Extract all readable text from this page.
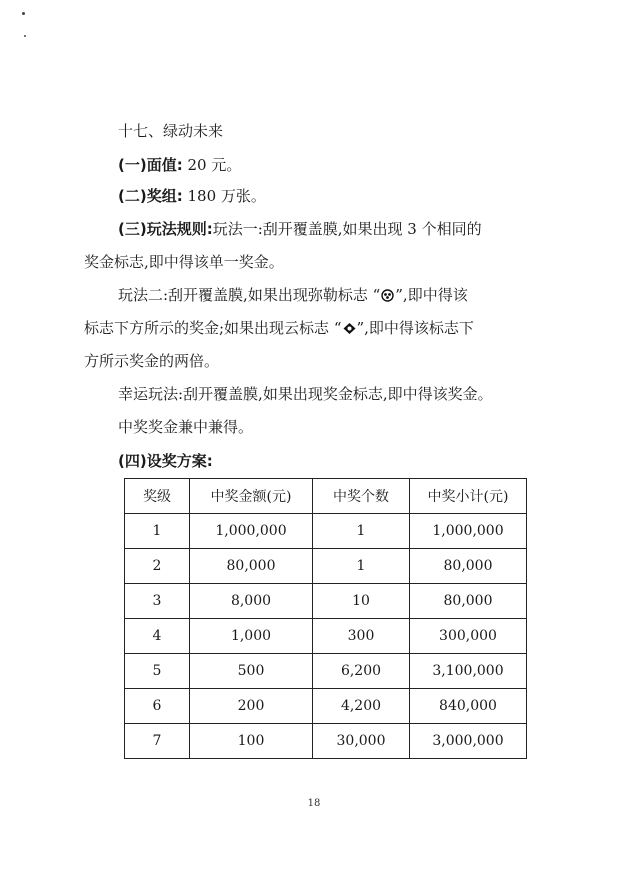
十七、绿动未来
(一)面值: 20 元。
(二)奖组: 180 万张。
(三)玩法规则:玩法一:刮开覆盖膜,如果出现 3 个相同的
奖金标志,即中得该单一奖金。
玩法二:刮开覆盖膜,如果出现弥勒标志 “ ”,即中得该
标志下方所示的奖金;如果出现云标志 “ ”,即中得该标志下
方所示奖金的两倍。
幸运玩法:刮开覆盖膜,如果出现奖金标志,即中得该奖金。
中奖奖金兼中兼得。
(四)设奖方案:
奖级	中奖金额(元)	中奖个数	中奖小计(元)
1	1,000,000	1	1,000,000
2	80,000	1	80,000
3	8,000	10	80,000
4	1,000	300	300,000
5	500	6,200	3,100,000
6	200	4,200	840,000
7	100	30,000	3,000,000
18
